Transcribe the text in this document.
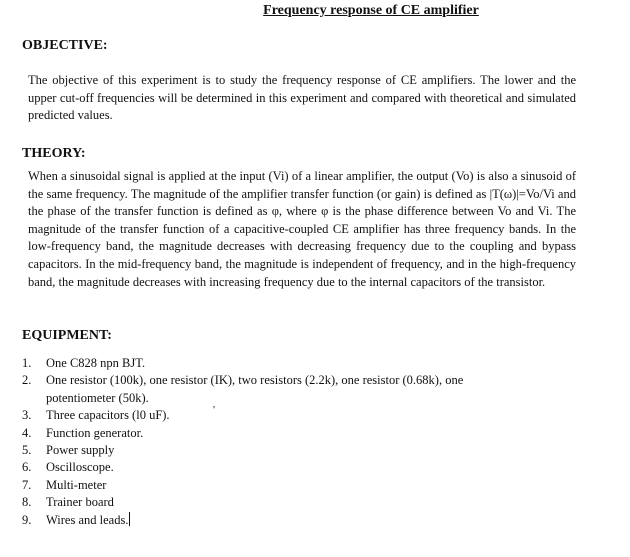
Frequency response of CE amplifier
OBJECTIVE:

The objective of this experiment is to study the frequency response of CE amplifiers. The lower and the upper cut-off frequencies will be determined in this experiment and compared with theoretical and simulated predicted values.

THEORY:

When a sinusoidal signal is applied at the input (Vi) of a linear amplifier, the output (Vo) is also a sinusoid of the same frequency. The magnitude of the amplifier transfer function (or gain) is defined as |T(ω)|=Vo/Vi and the phase of the transfer function is defined as φ, where φ is the phase difference between Vo and Vi. The magnitude of the transfer function of a capacitive-coupled CE amplifier has three frequency bands. In the low-frequency band, the magnitude decreases with decreasing frequency due to the coupling and bypass capacitors. In the mid-frequency band, the magnitude is independent of frequency, and in the high-frequency band, the magnitude decreases with increasing frequency due to the internal capacitors of the transistor.

EQUIPMENT:
1.	One C828 npn BJT.
2.	One resistor (100k), one resistor (IK), two resistors (2.2k), one resistor (0.68k), one potentiometer (50k).
3.	Three capacitors (l0 uF).
4.	Function generator.
5.	Power supply
6.	Oscilloscope.
7.	Multi-meter
8.	Trainer board
9.	Wires and leads.
'
